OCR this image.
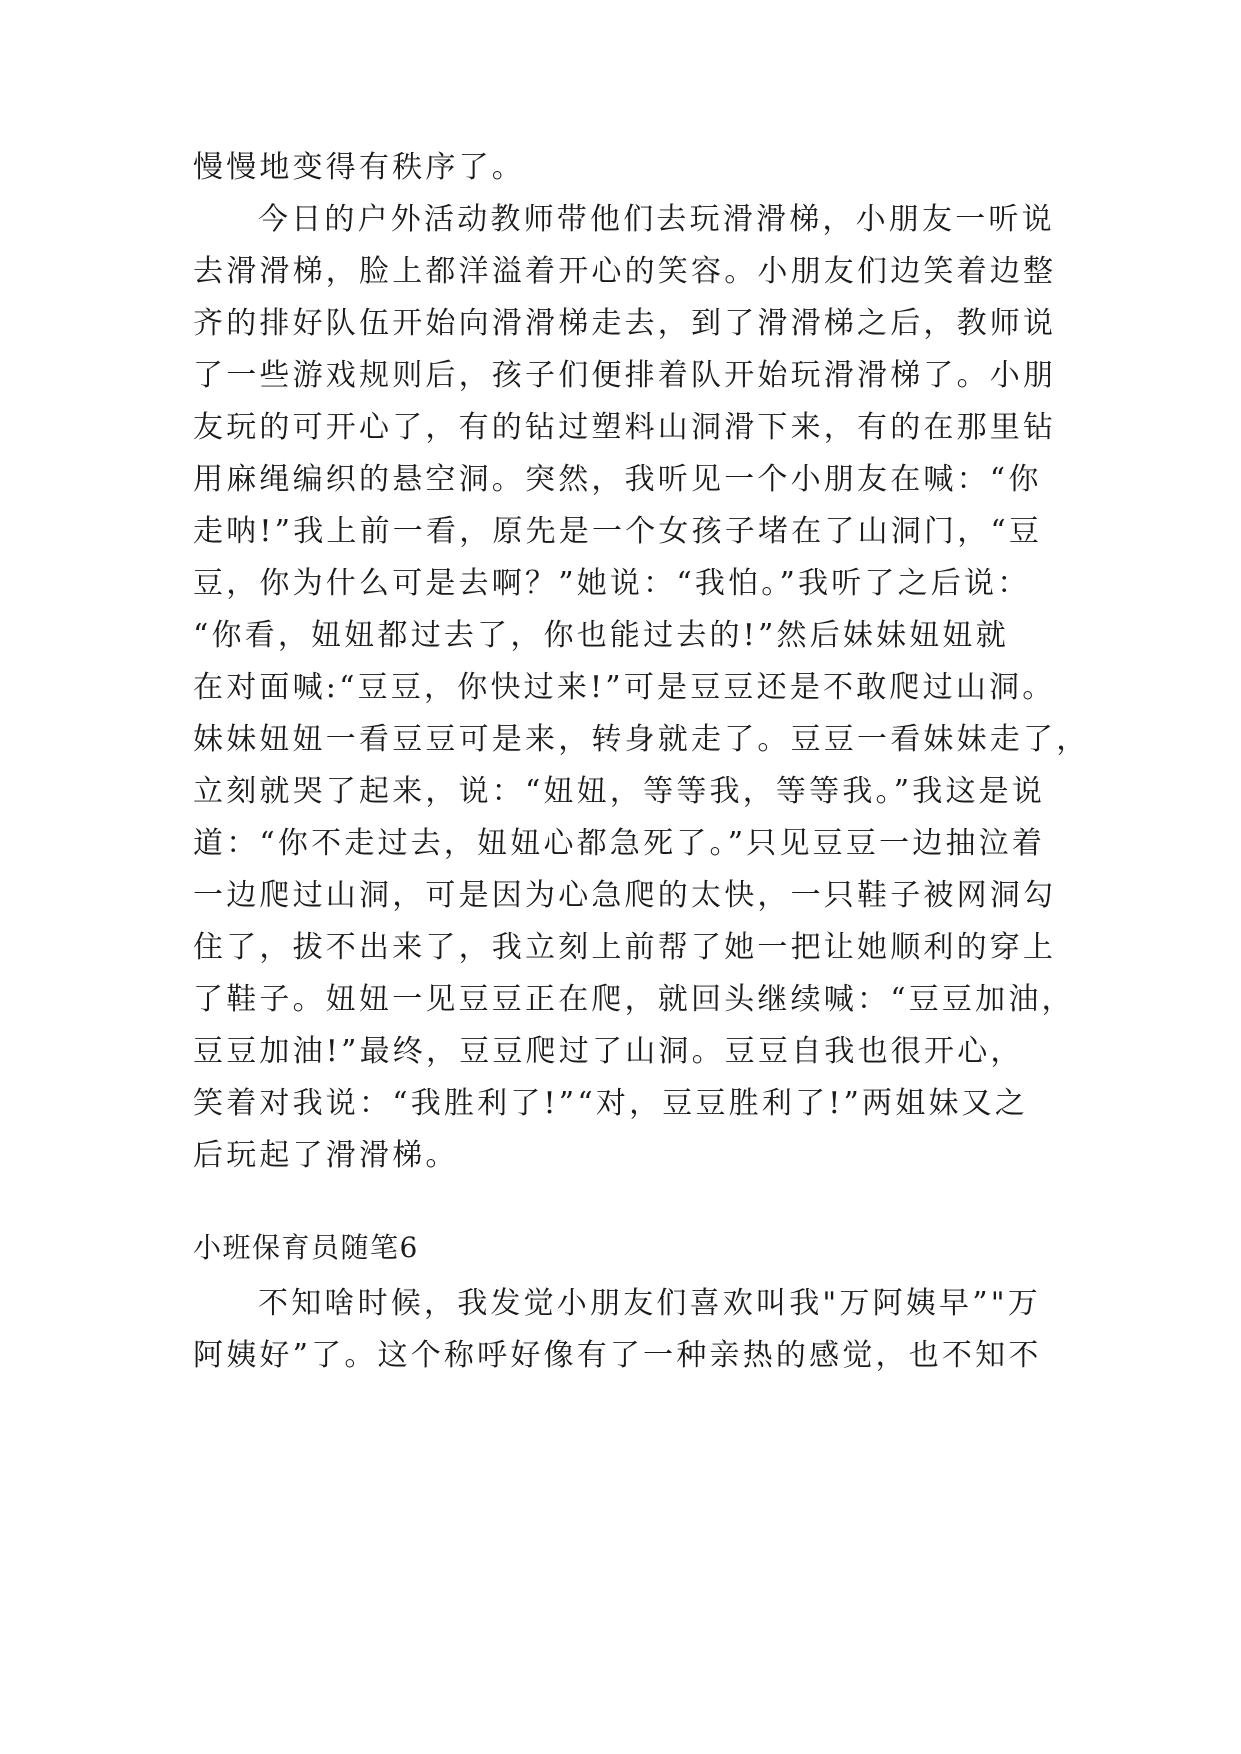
慢慢地变得有秩序了。
今日的户外活动教师带他们去玩滑滑梯，小朋友一听说
去滑滑梯，脸上都洋溢着开心的笑容。小朋友们边笑着边整
齐的排好队伍开始向滑滑梯走去，到了滑滑梯之后，教师说
了一些游戏规则后，孩子们便排着队开始玩滑滑梯了。小朋
友玩的可开心了，有的钻过塑料山洞滑下来，有的在那里钻
用麻绳编织的悬空洞。突然，我听见一个小朋友在喊：“你
走呐!”我上前一看，原先是一个女孩子堵在了山洞门，“豆
豆，你为什么可是去啊？”她说：“我怕。”我听了之后说：
“你看，妞妞都过去了，你也能过去的!”然后妹妹妞妞就
在对面喊:“豆豆，你快过来!”可是豆豆还是不敢爬过山洞。
妹妹妞妞一看豆豆可是来，转身就走了。豆豆一看妹妹走了，
立刻就哭了起来，说：“妞妞，等等我，等等我。”我这是说
道：“你不走过去，妞妞心都急死了。”只见豆豆一边抽泣着
一边爬过山洞，可是因为心急爬的太快，一只鞋子被网洞勾
住了，拔不出来了，我立刻上前帮了她一把让她顺利的穿上
了鞋子。妞妞一见豆豆正在爬，就回头继续喊：“豆豆加油，
豆豆加油!”最终，豆豆爬过了山洞。豆豆自我也很开心，
笑着对我说：“我胜利了!”“对，豆豆胜利了!”两姐妹又之
后玩起了滑滑梯。
小班保育员随笔6
不知啥时候，我发觉小朋友们喜欢叫我"万阿姨早”"万
阿姨好”了。这个称呼好像有了一种亲热的感觉，也不知不
